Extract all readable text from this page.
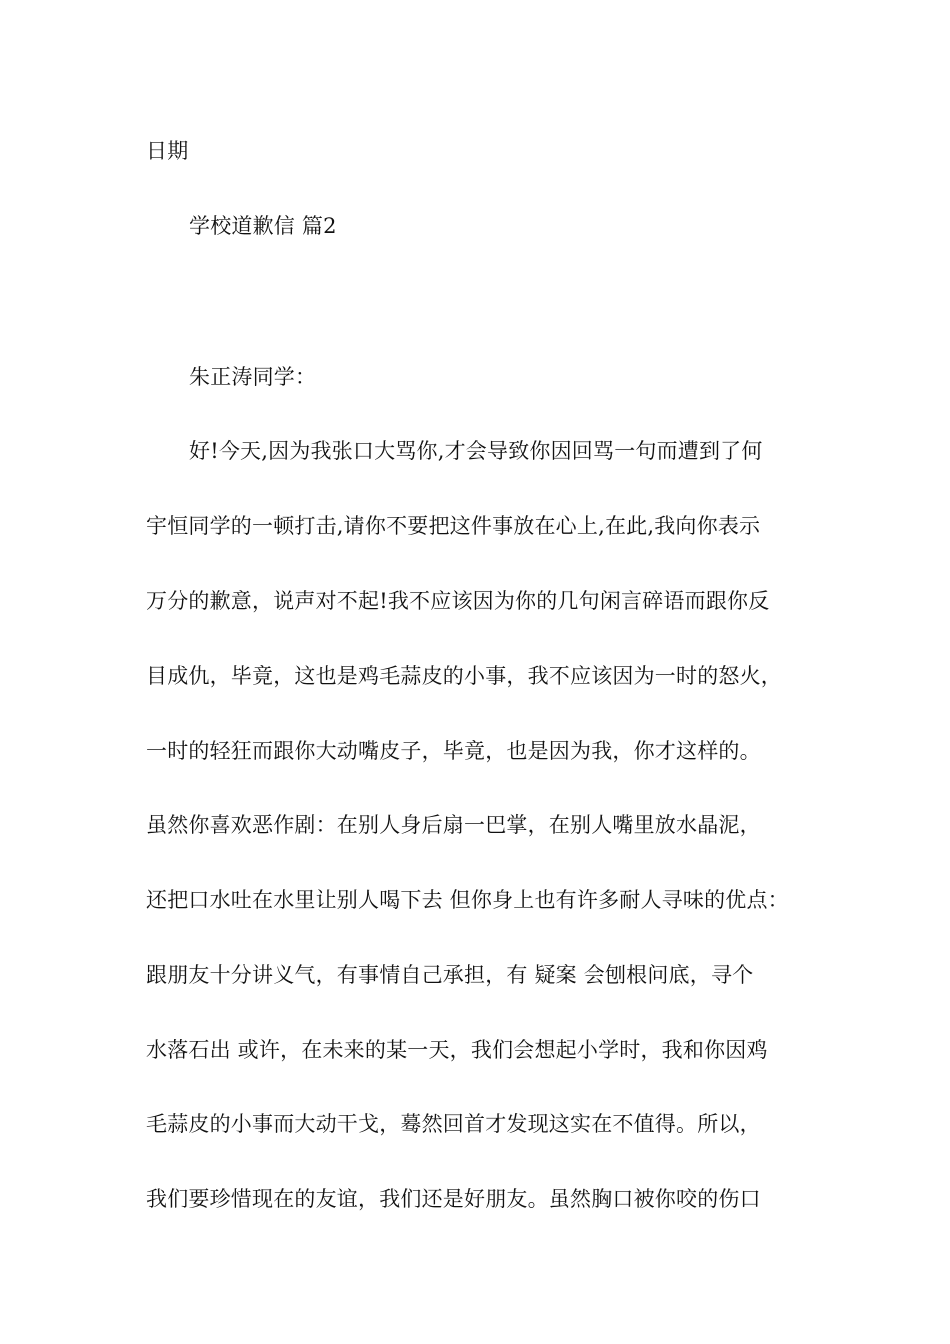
日期
学校道歉信 篇2
朱正涛同学：
好!今天,因为我张口大骂你,才会导致你因回骂一句而遭到了何
宇恒同学的一顿打击,请你不要把这件事放在心上,在此,我向你表示
万分的歉意，说声对不起!我不应该因为你的几句闲言碎语而跟你反
目成仇，毕竟，这也是鸡毛蒜皮的小事，我不应该因为一时的怒火，
一时的轻狂而跟你大动嘴皮子，毕竟，也是因为我，你才这样的。
虽然你喜欢恶作剧：在别人身后扇一巴掌，在别人嘴里放水晶泥，
还把口水吐在水里让别人喝下去 但你身上也有许多耐人寻味的优点：
跟朋友十分讲义气，有事情自己承担，有 疑案 会刨根问底，寻个
水落石出 或许，在未来的某一天，我们会想起小学时，我和你因鸡
毛蒜皮的小事而大动干戈，蓦然回首才发现这实在不值得。所以，
我们要珍惜现在的友谊，我们还是好朋友。虽然胸口被你咬的伤口
